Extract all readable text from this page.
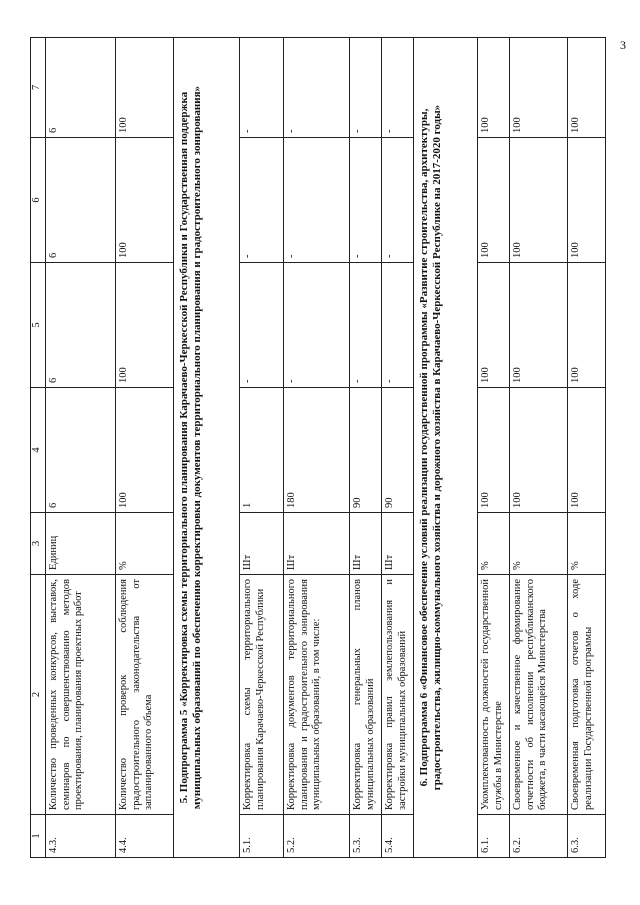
3
1	2	3	4	5	6	7
4.3.	Количество проведенных конкурсов, выставок, семинаров по совершенствованию методов проектирования, планирования проектных работ	Единиц	6	6	6	6
4.4.	Количество проверок соблюдения градостроительного законодательства от запланированного объема	%	100	100	100	100
5. Подпрограмма 5 «Корректировка схемы территориального планирования Карачаево-Черкесской Республики и Государственная поддержка муниципальных образований по обеспечению корректировки документов территориального планирования и градостроительного зонирования»						
5.1.	Корректировка схемы территориального планирования Карачаево-Черкесской Республики	Шт	1	-	-	-
5.2.	Корректировка документов территориального планирования и градостроительного зонирования муниципальных образований, в том числе:	Шт	180	-	-	-
5.3.	Корректировка генеральных планов муниципальных образований	Шт	90	-	-	-
5.4.	Корректировка правил землепользования и застройки муниципальных образований	Шт	90	-	-	-
6. Подпрограмма 6 «Финансовое обеспечение условий реализации государственной программы «Развитие строительства, архитектуры, градостроительства, жилищно-коммунального хозяйства и дорожного хозяйства в Карачаево-Черкесской Республике на 2017-2020 годы»						
6.1.	Укомплектованность должностей государственной службы в Министерстве	%	100	100	100	100
6.2.	Своевременное и качественное формирование отчетности об исполнении республиканского бюджета, в части касающейся Министерства	%	100	100	100	100
6.3.	Своевременная подготовка отчетов о ходе реализации Государственной программы	%	100	100	100	100
